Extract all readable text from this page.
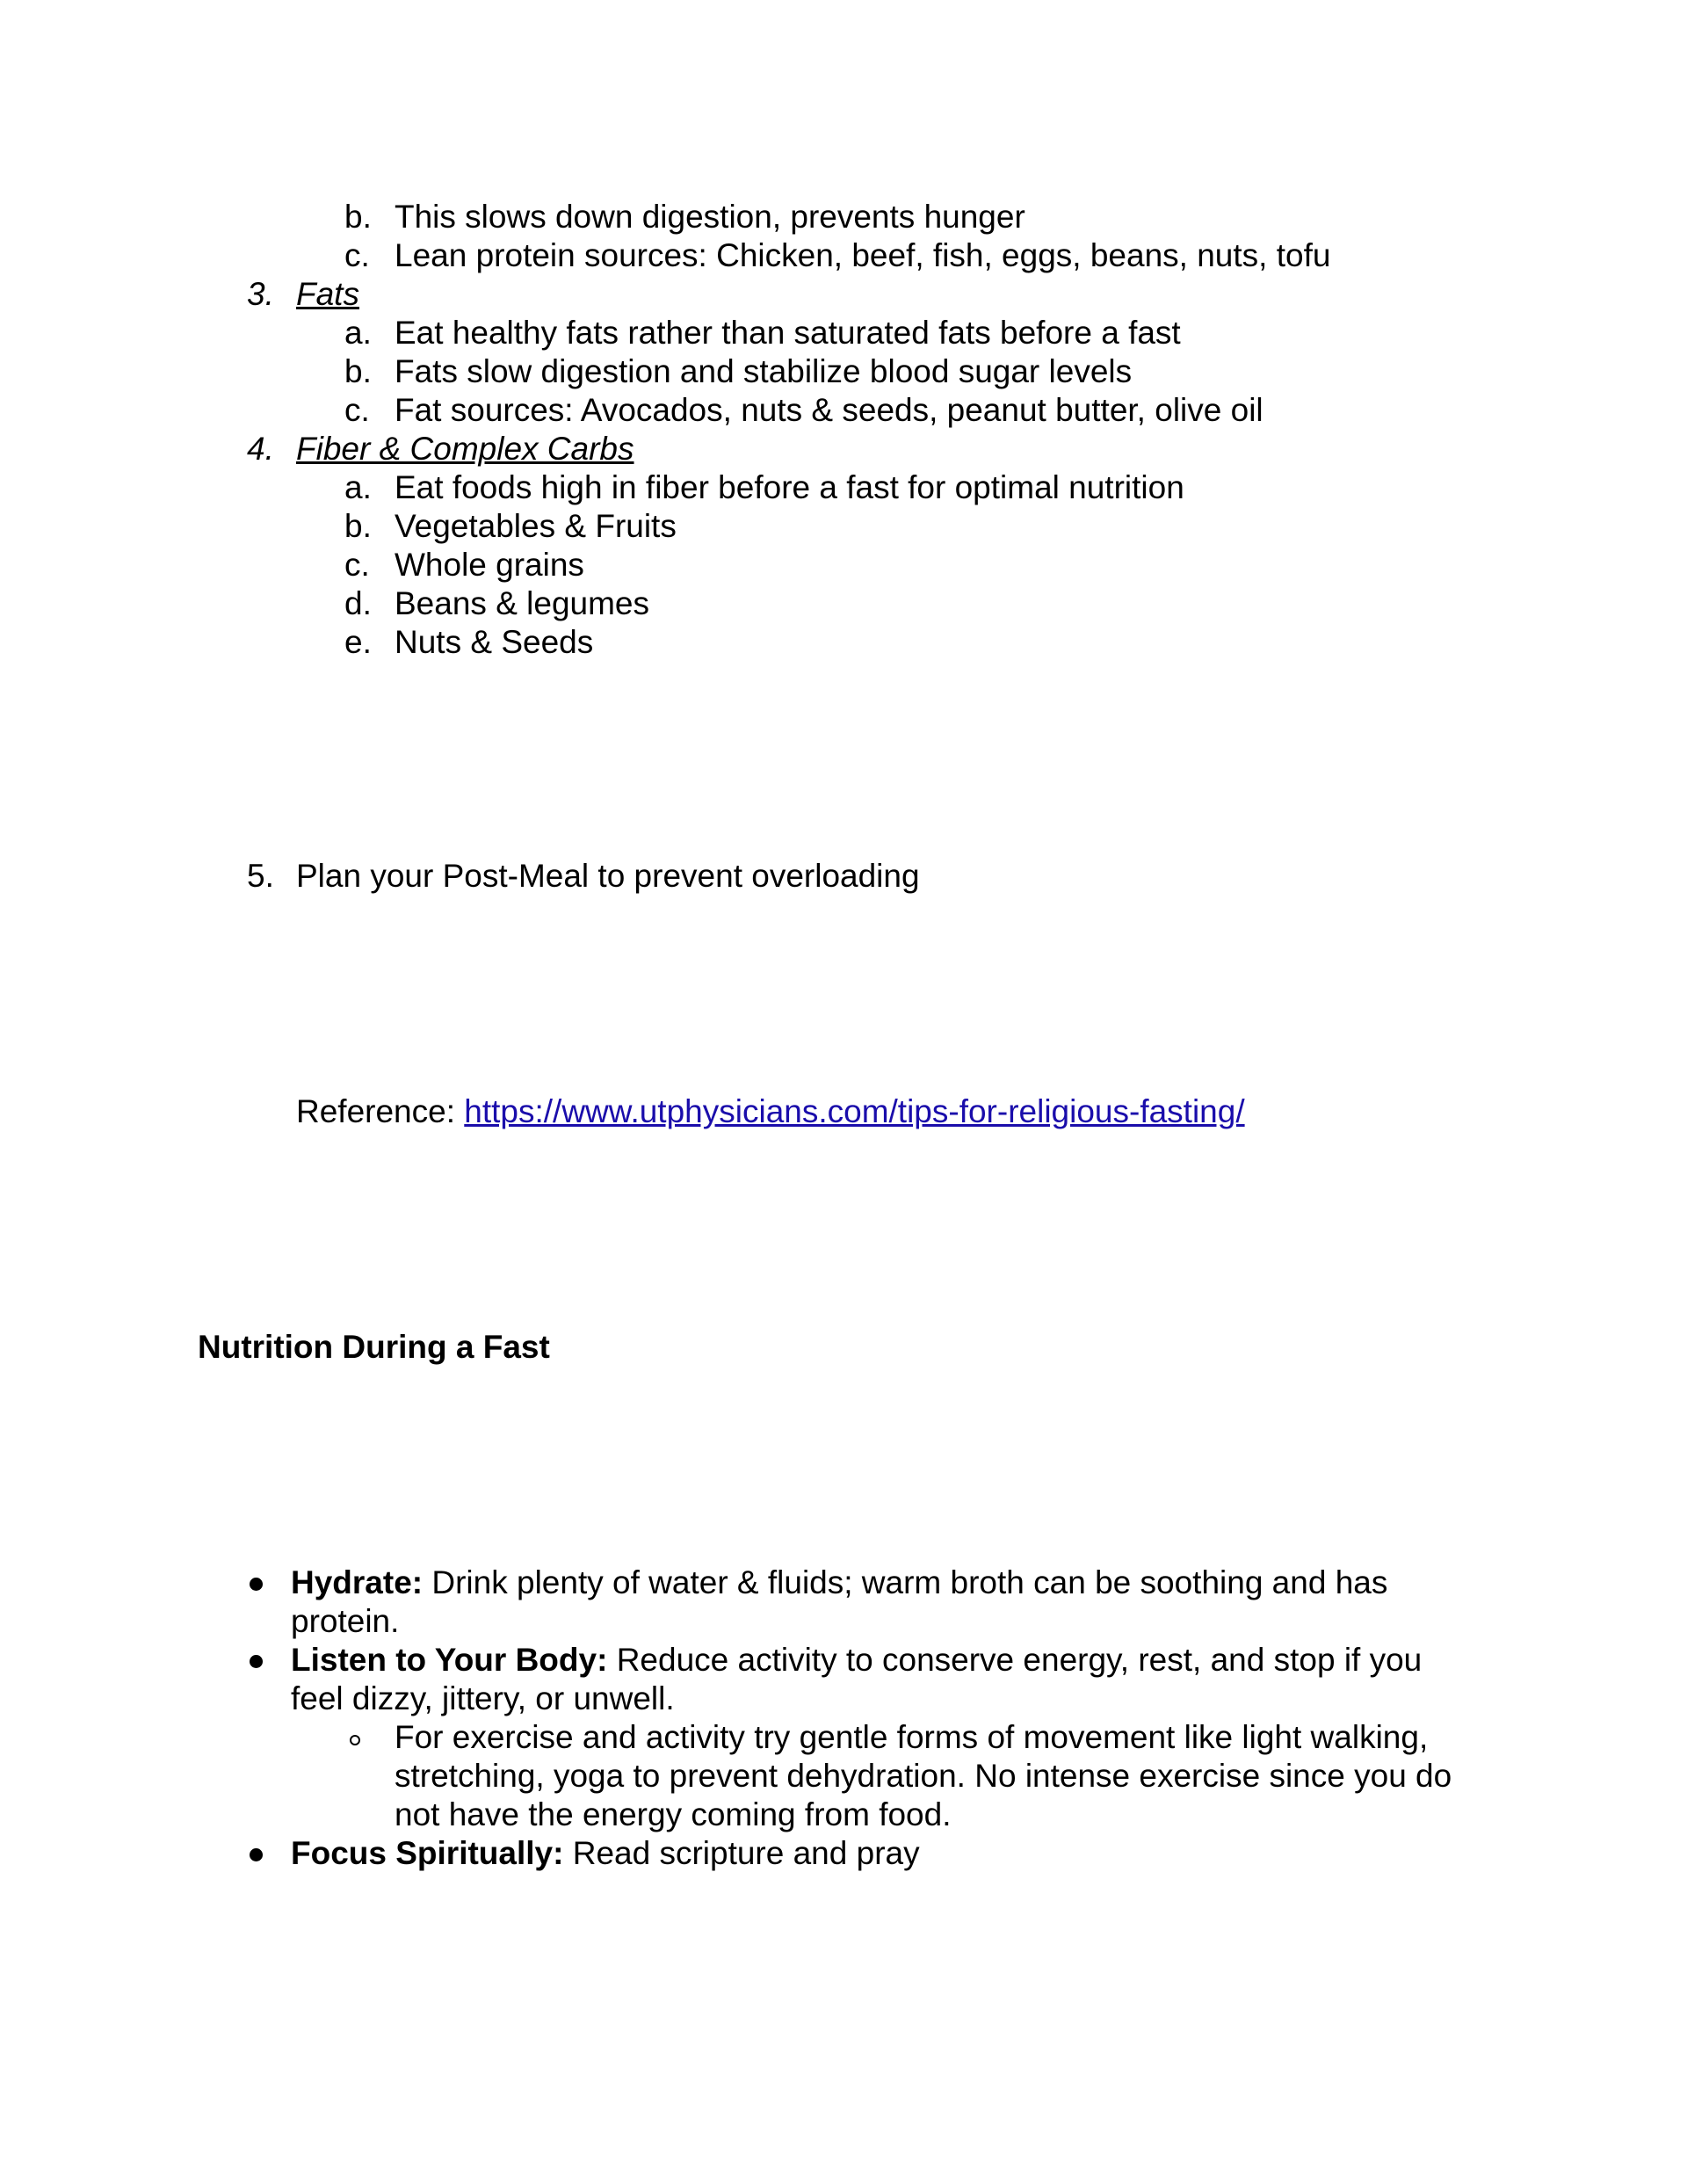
b. This slows down digestion, prevents hunger
c. Lean protein sources: Chicken, beef, fish, eggs, beans, nuts, tofu
3. Fats
a. Eat healthy fats rather than saturated fats before a fast
b. Fats slow digestion and stabilize blood sugar levels
c. Fat sources: Avocados, nuts & seeds, peanut butter, olive oil
4. Fiber & Complex Carbs
a. Eat foods high in fiber before a fast for optimal nutrition
b. Vegetables & Fruits
c. Whole grains
d. Beans & legumes
e. Nuts & Seeds
5. Plan your Post-Meal to prevent overloading
Reference: https://www.utphysicians.com/tips-for-religious-fasting/
Nutrition During a Fast
Hydrate: Drink plenty of water & fluids; warm broth can be soothing and has protein.
Listen to Your Body: Reduce activity to conserve energy, rest, and stop if you feel dizzy, jittery, or unwell.
For exercise and activity try gentle forms of movement like light walking, stretching, yoga to prevent dehydration. No intense exercise since you do not have the energy coming from food.
Focus Spiritually: Read scripture and pray
